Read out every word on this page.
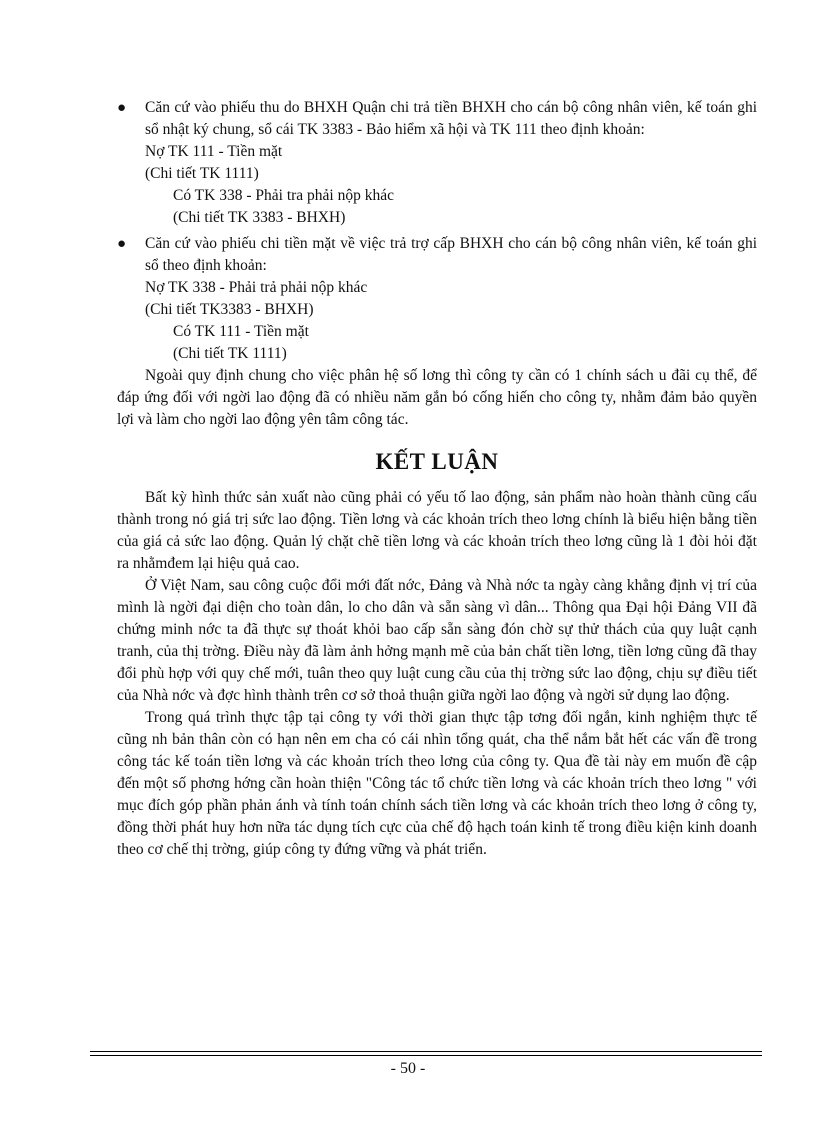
● Căn cứ vào phiếu thu do BHXH Quận chi trả tiền BHXH cho cán bộ công nhân viên, kế toán ghi sổ nhật ký chung, sổ cái TK 3383 - Bảo hiểm xã hội và TK 111 theo định khoản:
Nợ TK 111 - Tiền mặt
(Chi tiết TK 1111)
Có TK 338 - Phải tra phải nộp khác
(Chi tiết TK 3383 - BHXH)
● Căn cứ vào phiếu chi tiền mặt về việc trả trợ cấp BHXH cho cán bộ công nhân viên, kế toán ghi sổ theo định khoản:
Nợ TK 338 - Phải trả phải nộp khác
(Chi tiết TK3383 - BHXH)
Có TK 111 - Tiền mặt
(Chi tiết TK 1111)

Ngoài quy định chung cho việc phân hệ số lơng thì công ty cần có 1 chính sách u đãi cụ thể, để đáp ứng đối với ngời lao động đã có nhiều năm gắn bó cống hiến cho công ty, nhằm đảm bảo quyền lợi và làm cho ngời lao động yên tâm công tác.

KẾT LUẬN

Bất kỳ hình thức sản xuất nào cũng phải có yếu tố lao động, sản phẩm nào hoàn thành cũng cấu thành trong nó giá trị sức lao động. Tiền lơng và các khoản trích theo lơng chính là biểu hiện bằng tiền của giá cả sức lao động. Quản lý chặt chẽ tiền lơng và các khoản trích theo lơng cũng là 1 đòi hỏi đặt ra nhằmđem lại hiệu quả cao.

Ở Việt Nam, sau công cuộc đổi mới đất nớc, Đảng và Nhà nớc ta ngày càng khẳng định vị trí của mình là ngời đại diện cho toàn dân, lo cho dân và sẵn sàng vì dân... Thông qua Đại hội Đảng VII đã chứng minh nớc ta đã thực sự thoát khỏi bao cấp sẵn sàng đón chờ sự thử thách của quy luật cạnh tranh, của thị trờng. Điều này đã làm ảnh hởng mạnh mẽ của bản chất tiền lơng, tiền lơng cũng đã thay đổi phù hợp với quy chế mới, tuân theo quy luật cung cầu của thị trờng sức lao động, chịu sự điều tiết của Nhà nớc và đợc hình thành trên cơ sở thoả thuận giữa ngời lao động và ngời sử dụng lao động.

Trong quá trình thực tập tại công ty với thời gian thực tập tơng đối ngắn, kinh nghiệm thực tế cũng nh bản thân còn có hạn nên em cha có cái nhìn tổng quát, cha thể nắm bắt hết các vấn đề trong công tác kế toán tiền lơng và các khoản trích theo lơng của công ty. Qua đề tài này em muốn đề cập đến một số phơng hớng cần hoàn thiện "Công tác tổ chức tiền lơng và các khoản trích theo lơng " với mục đích góp phần phản ánh và tính toán chính sách tiền lơng và các khoản trích theo lơng ở công ty, đồng thời phát huy hơn nữa tác dụng tích cực của chế độ hạch toán kinh tế trong điều kiện kinh doanh theo cơ chế thị trờng, giúp công ty đứng vững và phát triển.

- 50 -
